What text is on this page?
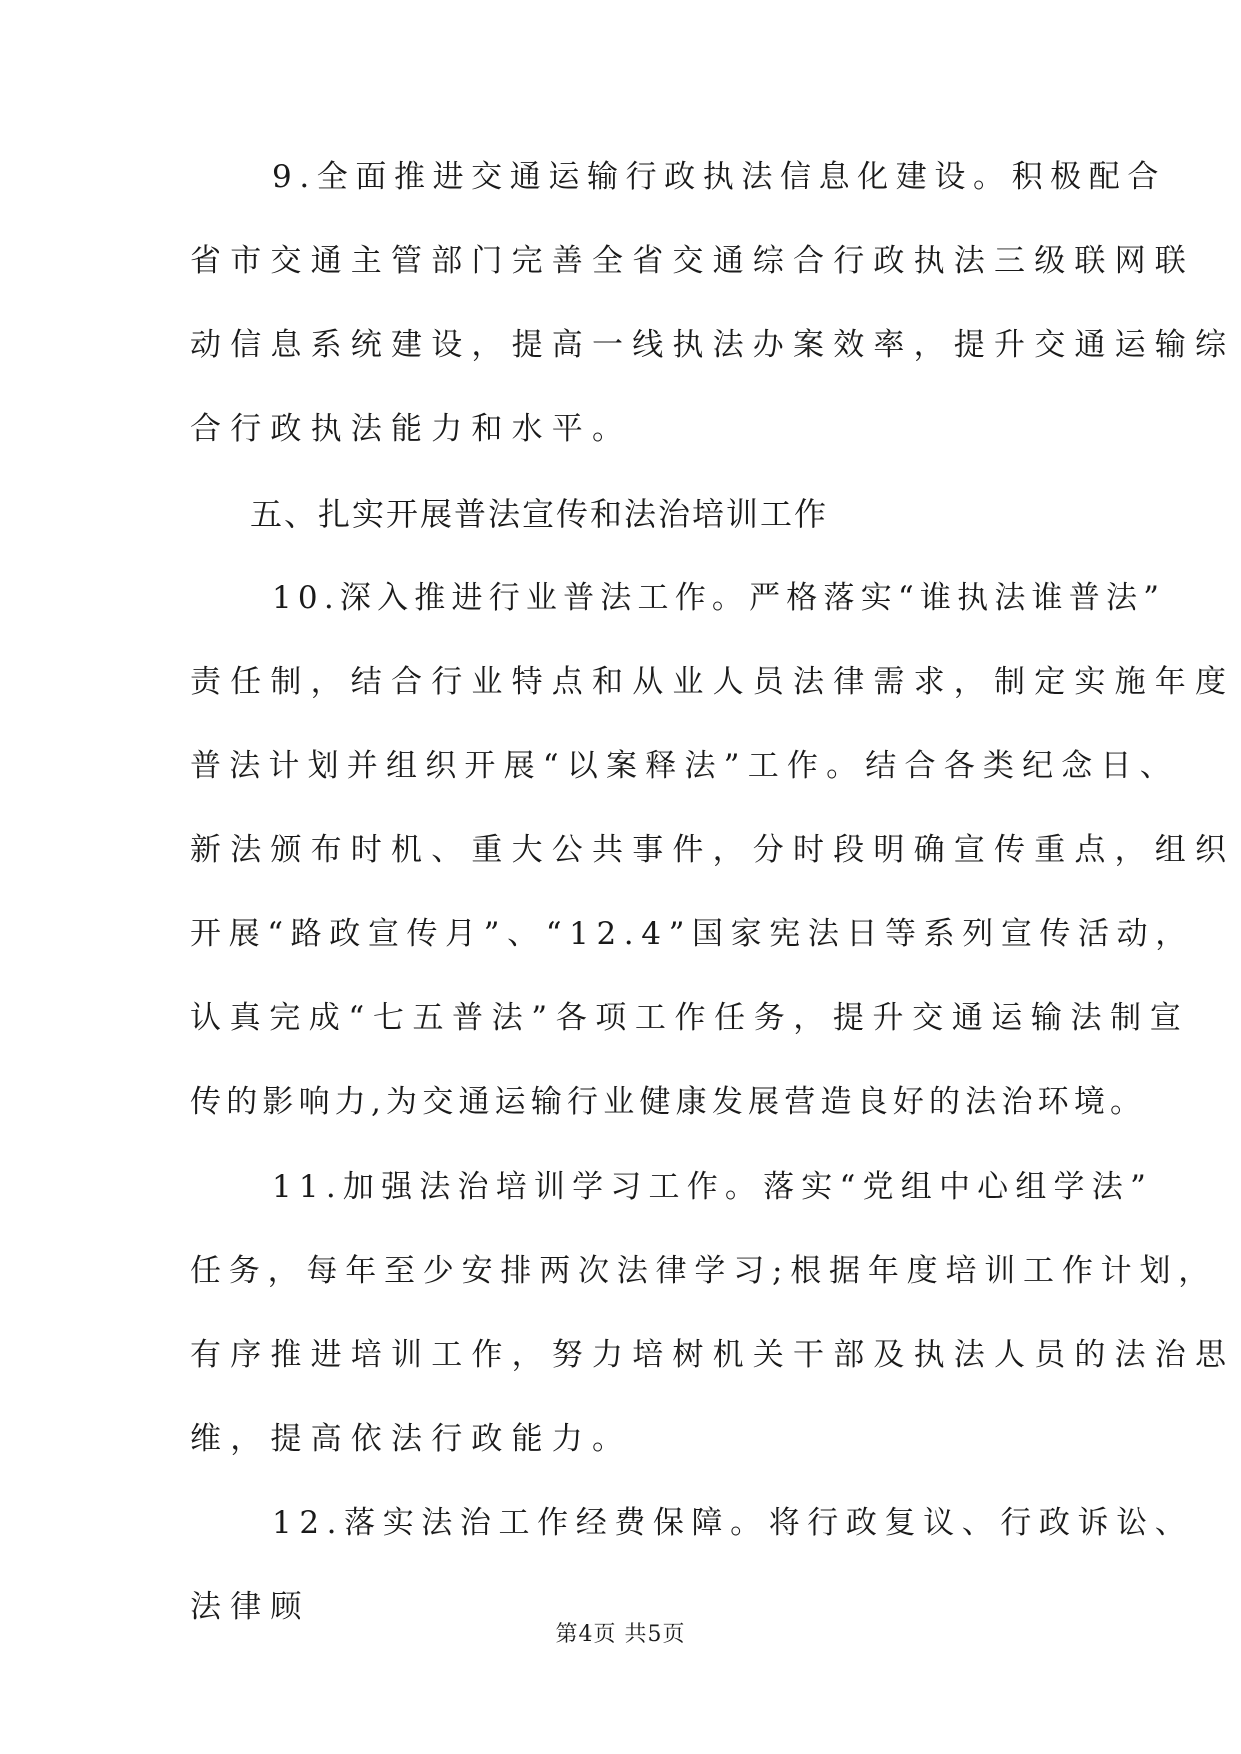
9.全面推进交通运输行政执法信息化建设。积极配合
省市交通主管部门完善全省交通综合行政执法三级联网联
动信息系统建设，提高一线执法办案效率，提升交通运输综
合行政执法能力和水平。
五、扎实开展普法宣传和法治培训工作
10.深入推进行业普法工作。严格落实“谁执法谁普法”
责任制，结合行业特点和从业人员法律需求，制定实施年度
普法计划并组织开展“以案释法”工作。结合各类纪念日、
新法颁布时机、重大公共事件，分时段明确宣传重点，组织
开展“路政宣传月”、“12.4”国家宪法日等系列宣传活动，
认真完成“七五普法”各项工作任务，提升交通运输法制宣
传的影响力,为交通运输行业健康发展营造良好的法治环境。
11.加强法治培训学习工作。落实“党组中心组学法”
任务，每年至少安排两次法律学习;根据年度培训工作计划，
有序推进培训工作，努力培树机关干部及执法人员的法治思
维，提高依法行政能力。
12.落实法治工作经费保障。将行政复议、行政诉讼、
法律顾
第4页 共5页
